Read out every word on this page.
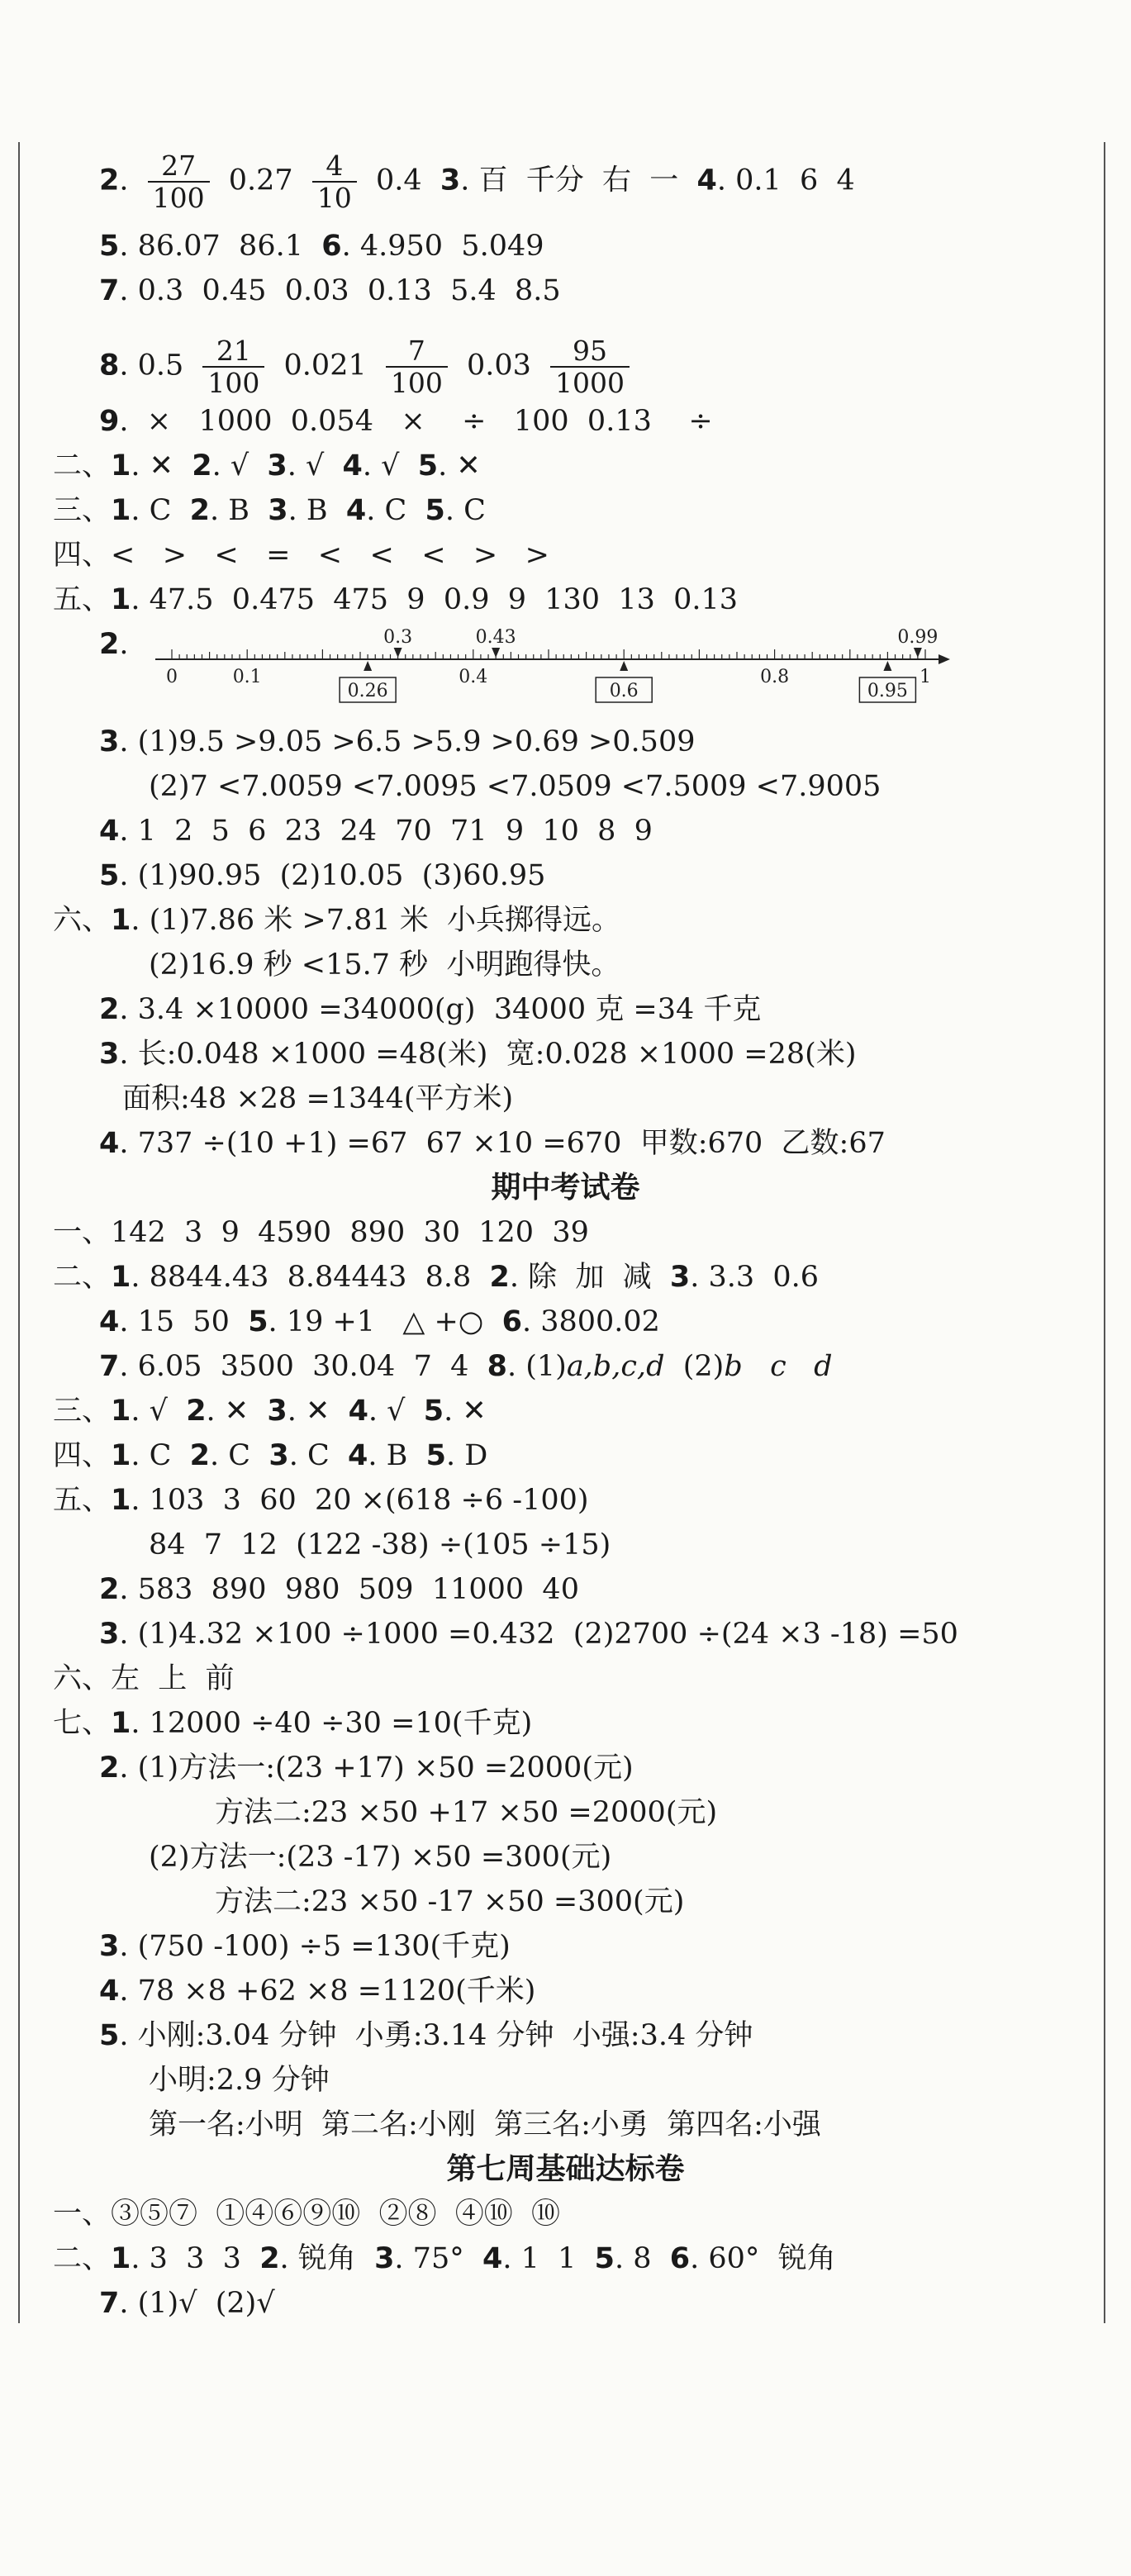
2. $\frac{27}{100} 0.27 \frac{4}{10} 0.4$  3. 百  千分  右  一  4. 0.1  6  4
5. 86.07  86.1  6. 4.950  5.049
7. 0.3  0.45  0.03  0.13  5.4  8.5
8. $0.5 \frac{21}{100} 0.021 \frac{7}{100} 0.03 \frac{95}{1000}$
9.  ×   1000  0.054   ×    ÷   100  0.13    ÷
二、1. ✕  2. √  3. √  4. √  5. ✕
三、1. C  2. B  3. B  4. C  5. C
四、<   >   <   =   <   <   <   >   >
五、1. 47.5  0.475  475  9  0.9  9  130  13  0.13
2.
3. (1)9.5 >9.05 >6.5 >5.9 >0.69 >0.509
(2)7 <7.0059 <7.0095 <7.0509 <7.5009 <7.9005
4. 1  2  5  6  23  24  70  71  9  10  8  9
5. (1)90.95  (2)10.05  (3)60.95
六、1. (1)7.86 米 >7.81 米  小兵掷得远。
(2)16.9 秒 <15.7 秒  小明跑得快。
2. 3.4 ×10000 =34000(g)  34000 克 =34 千克
3. 长:0.048 ×1000 =48(米)  宽:0.028 ×1000 =28(米)
面积:48 ×28 =1344(平方米)
4. 737 ÷(10 +1) =67  67 ×10 =670  甲数:670  乙数:67
一、142  3  9  4590  890  30  120  39
二、1. 8844.43  8.84443  8.8  2. 除  加  减  3. 3.3  0.6
4. 15  50  5. 19 +1   △ +○  6. 3800.02
7. 6.05  3500  30.04  7  4  8. (1)a,b,c,d  (2)b   c   d
三、1. √  2. ✕  3. ✕  4. √  5. ✕
四、1. C  2. C  3. C  4. B  5. D
五、1. 103  3  60  20 ×(618 ÷6 -100)
84  7  12  (122 -38) ÷(105 ÷15)
2. 583  890  980  509  11000  40
3. (1)4.32 ×100 ÷1000 =0.432  (2)2700 ÷(24 ×3 -18) =50
六、左  上  前
七、1. 12000 ÷40 ÷30 =10(千克)
2. (1)方法一:(23 +17) ×50 =2000(元)
方法二:23 ×50 +17 ×50 =2000(元)
(2)方法一:(23 -17) ×50 =300(元)
方法二:23 ×50 -17 ×50 =300(元)
3. (750 -100) ÷5 =130(千克)
4. 78 ×8 +62 ×8 =1120(千米)
5. 小刚:3.04 分钟  小勇:3.14 分钟  小强:3.4 分钟
小明:2.9 分钟
第一名:小明  第二名:小刚  第三名:小勇  第四名:小强
一、③⑤⑦  ①④⑥⑨⑩  ②⑧  ④⑩  ⑩
二、1. 3  3  3  2. 锐角  3. 75°  4. 1  1  5. 8  6. 60°  锐角
7. (1)√  (2)√
期中考试卷
第七周基础达标卷
0	0.1	0.4	0.8	1
0.3	0.43	0.99
0.26	0.6	0.95
